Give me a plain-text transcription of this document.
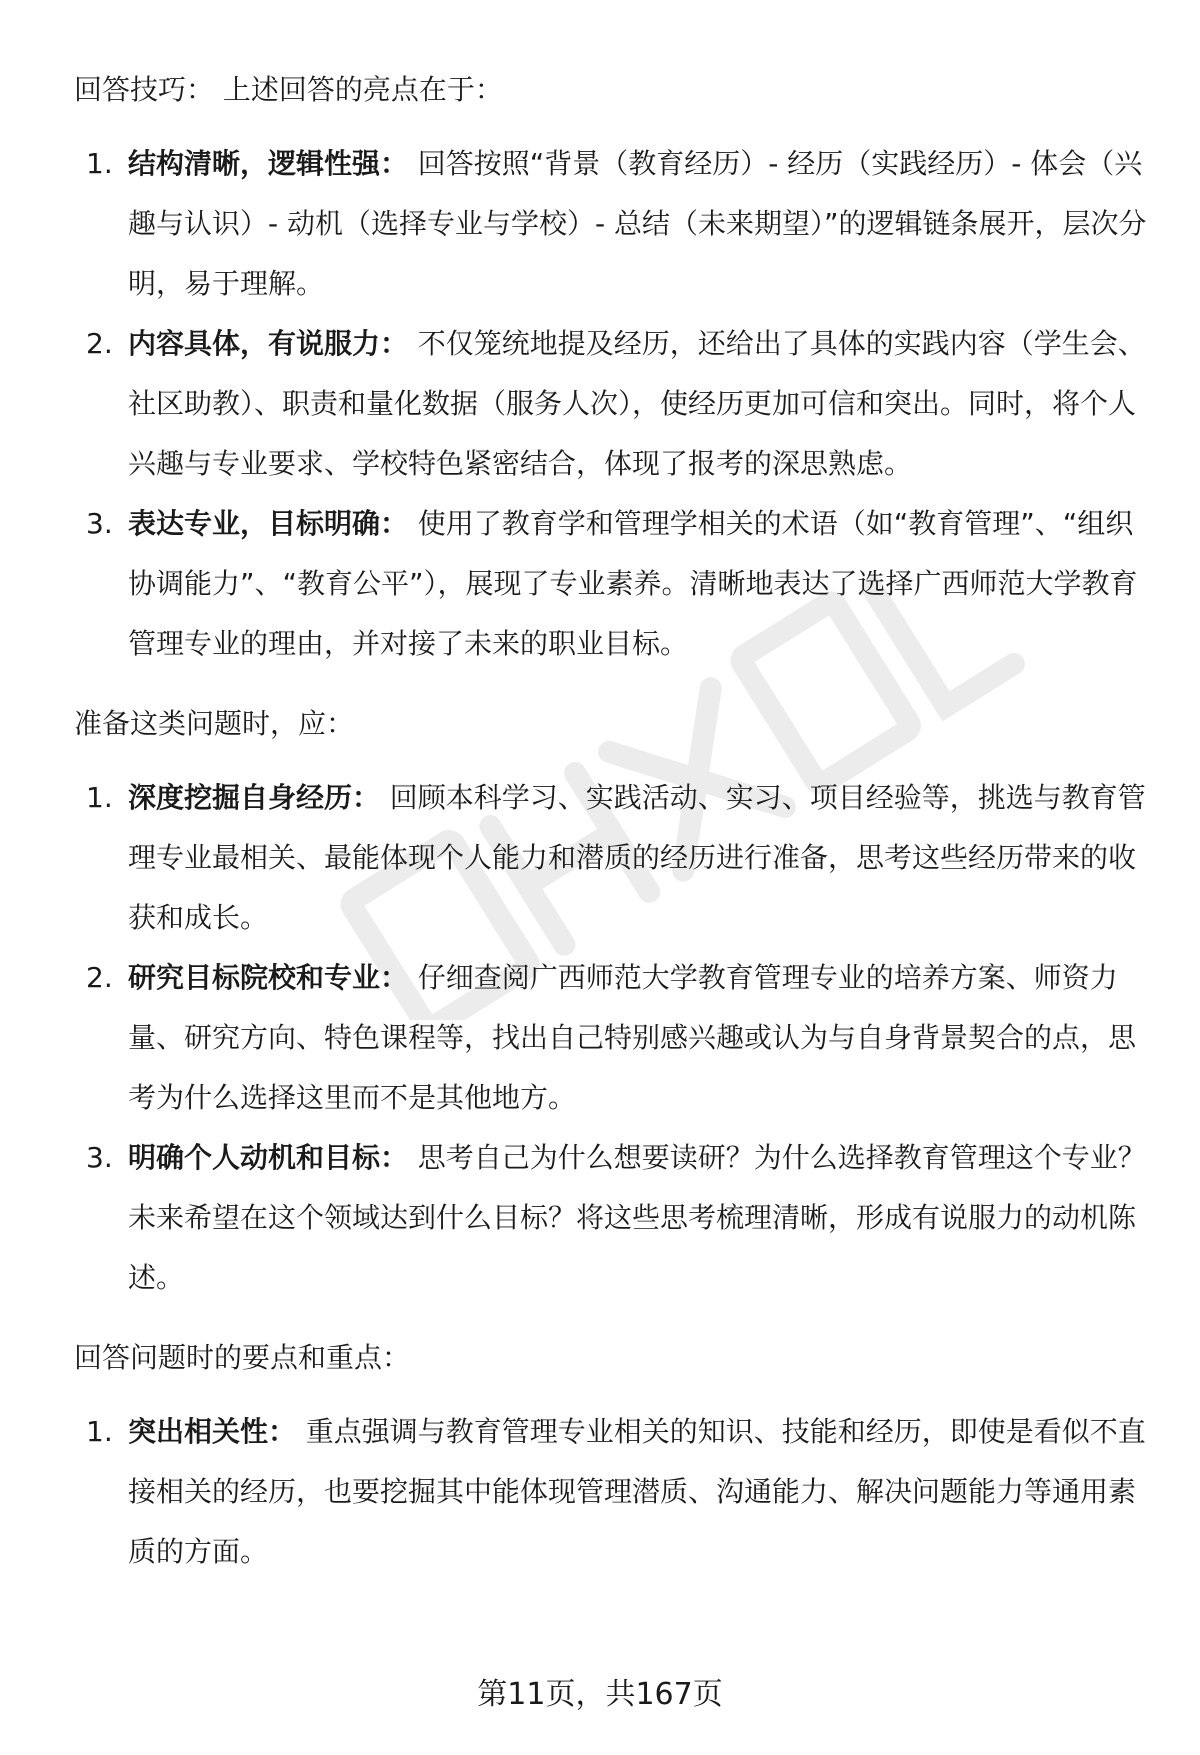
回答技巧： 上述回答的亮点在于：

1. 结构清晰，逻辑性强： 回答按照“背景（教育经历）- 经历（实践经历）- 体会（兴趣与认识）- 动机（选择专业与学校）- 总结（未来期望）”的逻辑链条展开，层次分明，易于理解。
2. 内容具体，有说服力： 不仅笼统地提及经历，还给出了具体的实践内容（学生会、社区助教）、职责和量化数据（服务人次），使经历更加可信和突出。同时，将个人兴趣与专业要求、学校特色紧密结合，体现了报考的深思熟虑。
3. 表达专业，目标明确： 使用了教育学和管理学相关的术语（如“教育管理”、“组织协调能力”、“教育公平”），展现了专业素养。清晰地表达了选择广西师范大学教育管理专业的理由，并对接了未来的职业目标。

准备这类问题时，应：

1. 深度挖掘自身经历： 回顾本科学习、实践活动、实习、项目经验等，挑选与教育管理专业最相关、最能体现个人能力和潜质的经历进行准备，思考这些经历带来的收获和成长。
2. 研究目标院校和专业： 仔细查阅广西师范大学教育管理专业的培养方案、师资力量、研究方向、特色课程等，找出自己特别感兴趣或认为与自身背景契合的点，思考为什么选择这里而不是其他地方。
3. 明确个人动机和目标： 思考自己为什么想要读研？为什么选择教育管理这个专业？未来希望在这个领域达到什么目标？将这些思考梳理清晰，形成有说服力的动机陈述。

回答问题时的要点和重点：

1. 突出相关性： 重点强调与教育管理专业相关的知识、技能和经历，即使是看似不直接相关的经历，也要挖掘其中能体现管理潜质、沟通能力、解决问题能力等通用素质的方面。
第11页，共167页
